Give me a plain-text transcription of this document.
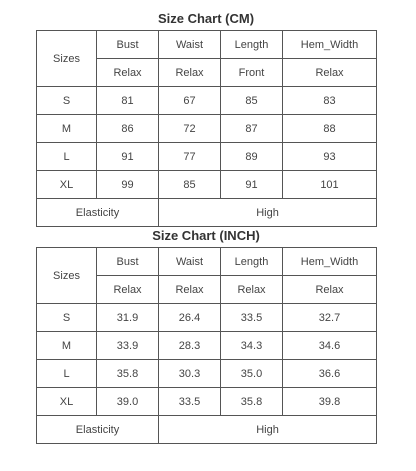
Size Chart (CM)
Sizes	Bust	Waist	Length	Hem_Width
	Relax	Relax	Front	Relax
S	81	67	85	83
M	86	72	87	88
L	91	77	89	93
XL	99	85	91	101
Elasticity		High		
Size Chart (INCH)
Sizes	Bust	Waist	Length	Hem_Width
	Relax	Relax	Relax	Relax
S	31.9	26.4	33.5	32.7
M	33.9	28.3	34.3	34.6
L	35.8	30.3	35.0	36.6
XL	39.0	33.5	35.8	39.8
Elasticity		High		
